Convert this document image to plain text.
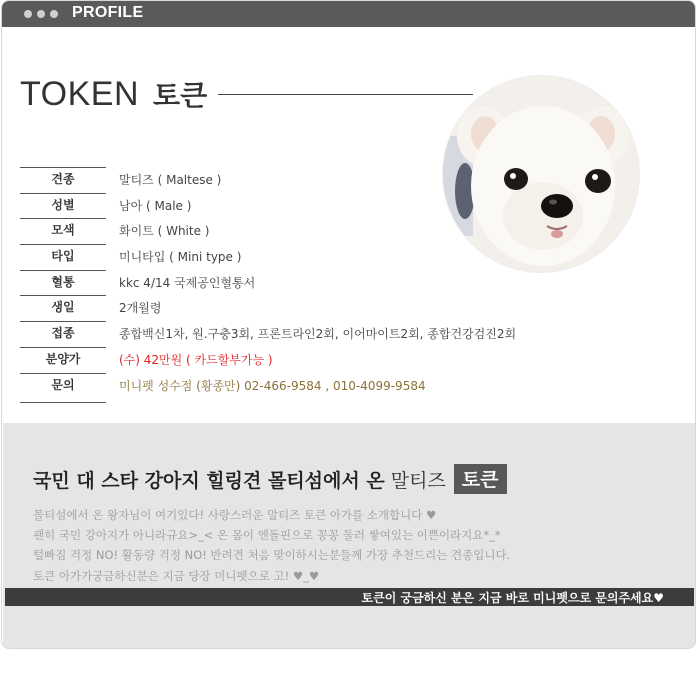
PROFILE
TOKEN 토큰
견종	말티즈 ( Maltese )
성별	남아 ( Male )
모색	화이트 ( White )
타입	미니타입 ( Mini type )
혈통	kkc 4/14 국제공인혈통서
생일	2개월령
접종	종합백신1차, 원.구충3회, 프론트라인2회, 이어마이트2회, 종합건강검진2회
분양가	(수) 42만원 ( 카드할부가능 )
문의	미니펫 성수점 (황종만) 02-466-9584 , 010-4099-9584
국민 대 스타 강아지 힐링견 몰티섬에서 온 말티즈 토큰
몰티섬에서 온 왕자님이 여기있다! 사랑스러운 말티즈 토큰 아가를 소개합니다 ♥
괜히 국민 강아지가 아니라규요>_< 온 몸이 엔돌핀으로 꽁꽁 둘러 쌓여있는 이쁜이라지요*_*
털빠짐 걱정 NO! 활동량 걱정 NO! 반려견 처음 맞이하시는분들께 가장 추천드리는 견종입니다.
토큰 아가가궁금하신분은 지금 당장 미니펫으로 고! ♥_♥
토큰이 궁금하신 분은 지금 바로 미니펫으로 문의주세요♥
